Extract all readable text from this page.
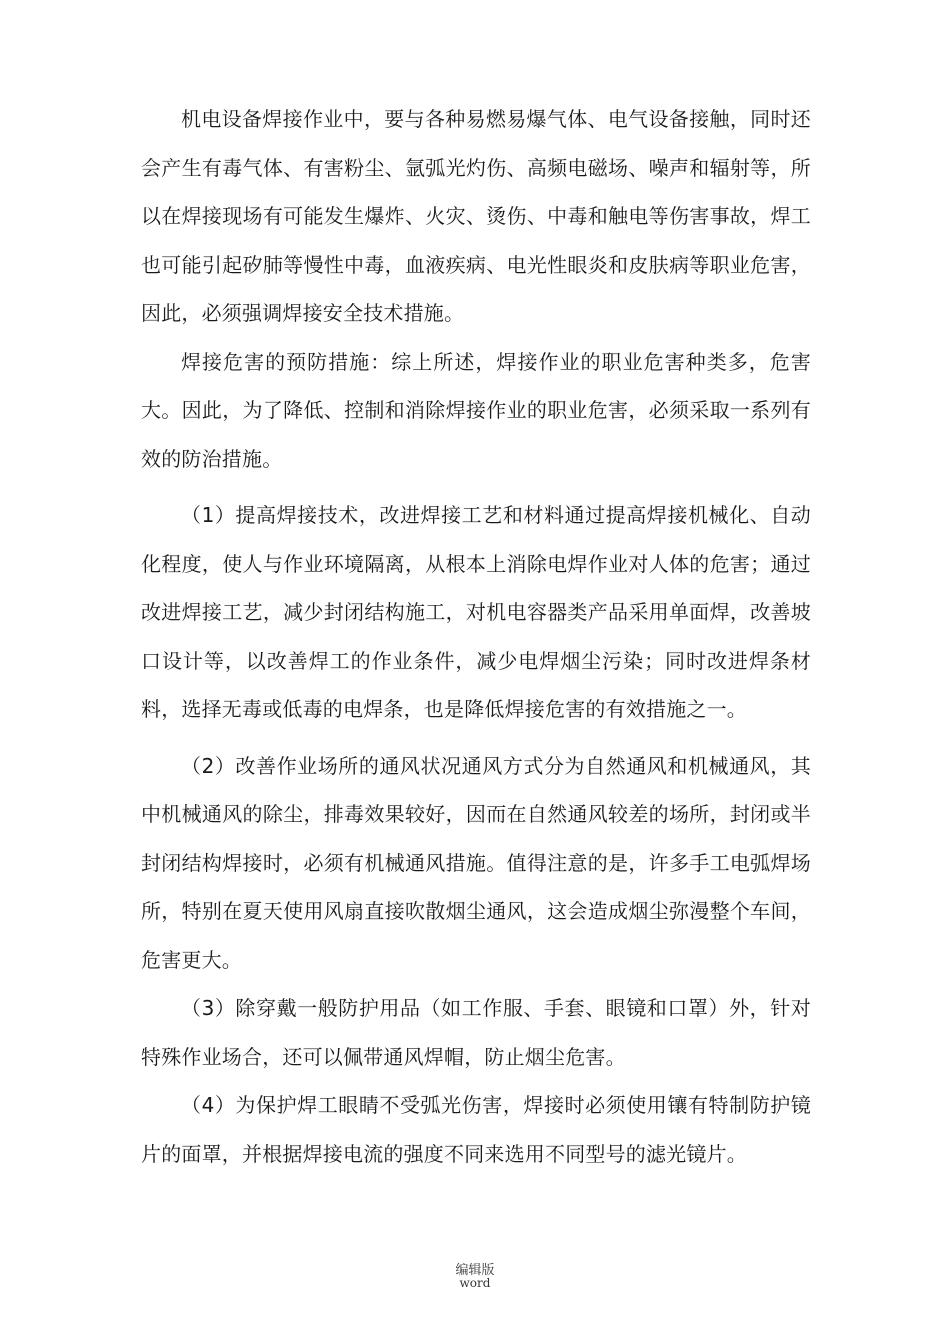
机电设备焊接作业中，要与各种易燃易爆气体、电气设备接触，同时还会产生有毒气体、有害粉尘、氩弧光灼伤、高频电磁场、噪声和辐射等，所以在焊接现场有可能发生爆炸、火灾、烫伤、中毒和触电等伤害事故，焊工也可能引起矽肺等慢性中毒，血液疾病、电光性眼炎和皮肤病等职业危害，因此，必须强调焊接安全技术措施。

焊接危害的预防措施：综上所述，焊接作业的职业危害种类多，危害大。因此，为了降低、控制和消除焊接作业的职业危害，必须采取一系列有效的防治措施。

（1）提高焊接技术，改进焊接工艺和材料通过提高焊接机械化、自动化程度，使人与作业环境隔离，从根本上消除电焊作业对人体的危害；通过改进焊接工艺，减少封闭结构施工，对机电容器类产品采用单面焊，改善坡口设计等，以改善焊工的作业条件，减少电焊烟尘污染；同时改进焊条材料，选择无毒或低毒的电焊条，也是降低焊接危害的有效措施之一。

（2）改善作业场所的通风状况通风方式分为自然通风和机械通风，其中机械通风的除尘，排毒效果较好，因而在自然通风较差的场所，封闭或半封闭结构焊接时，必须有机械通风措施。值得注意的是，许多手工电弧焊场所，特别在夏天使用风扇直接吹散烟尘通风，这会造成烟尘弥漫整个车间，危害更大。

（3）除穿戴一般防护用品（如工作服、手套、眼镜和口罩）外，针对特殊作业场合，还可以佩带通风焊帽，防止烟尘危害。

（4）为保护焊工眼睛不受弧光伤害，焊接时必须使用镶有特制防护镜片的面罩，并根据焊接电流的强度不同来选用不同型号的滤光镜片。

编辑版
word
